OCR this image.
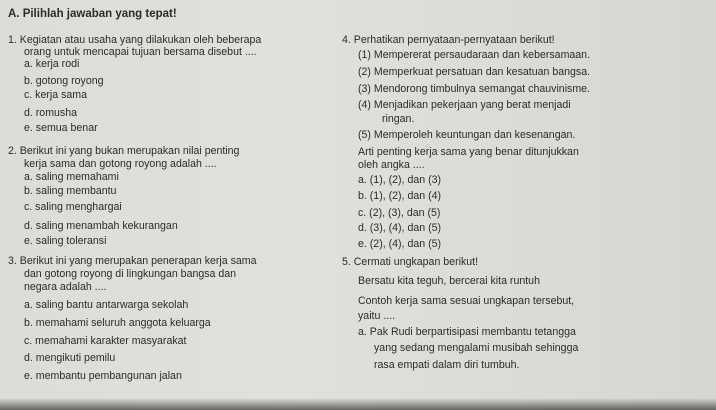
A. Pilihlah jawaban yang tepat!
1. Kegiatan atau usaha yang dilakukan oleh beberapa
orang untuk mencapai tujuan bersama disebut ....
a. kerja rodi
b. gotong royong
c. kerja sama
d. romusha
e. semua benar
2. Berikut ini yang bukan merupakan nilai penting
kerja sama dan gotong royong adalah ....
a. saling memahami
b. saling membantu
c. saling menghargai
d. saling menambah kekurangan
e. saling toleransi
3. Berikut ini yang merupakan penerapan kerja sama
dan gotong royong di lingkungan bangsa dan
negara adalah ....
a. saling bantu antarwarga sekolah
b. memahami seluruh anggota keluarga
c. memahami karakter masyarakat
d. mengikuti pemilu
e. membantu pembangunan jalan
4. Perhatikan pernyataan-pernyataan berikut!
(1) Mempererat persaudaraan dan kebersamaan.
(2) Memperkuat persatuan dan kesatuan bangsa.
(3) Mendorong timbulnya semangat chauvinisme.
(4) Menjadikan pekerjaan yang berat menjadi
ringan.
(5) Memperoleh keuntungan dan kesenangan.
Arti penting kerja sama yang benar ditunjukkan
oleh angka ....
a. (1), (2), dan (3)
b. (1), (2), dan (4)
c. (2), (3), dan (5)
d. (3), (4), dan (5)
e. (2), (4), dan (5)
5. Cermati ungkapan berikut!
Bersatu kita teguh, bercerai kita runtuh
Contoh kerja sama sesuai ungkapan tersebut,
yaitu ....
a. Pak Rudi berpartisipasi membantu tetangga
yang sedang mengalami musibah sehingga
rasa empati dalam diri tumbuh.
